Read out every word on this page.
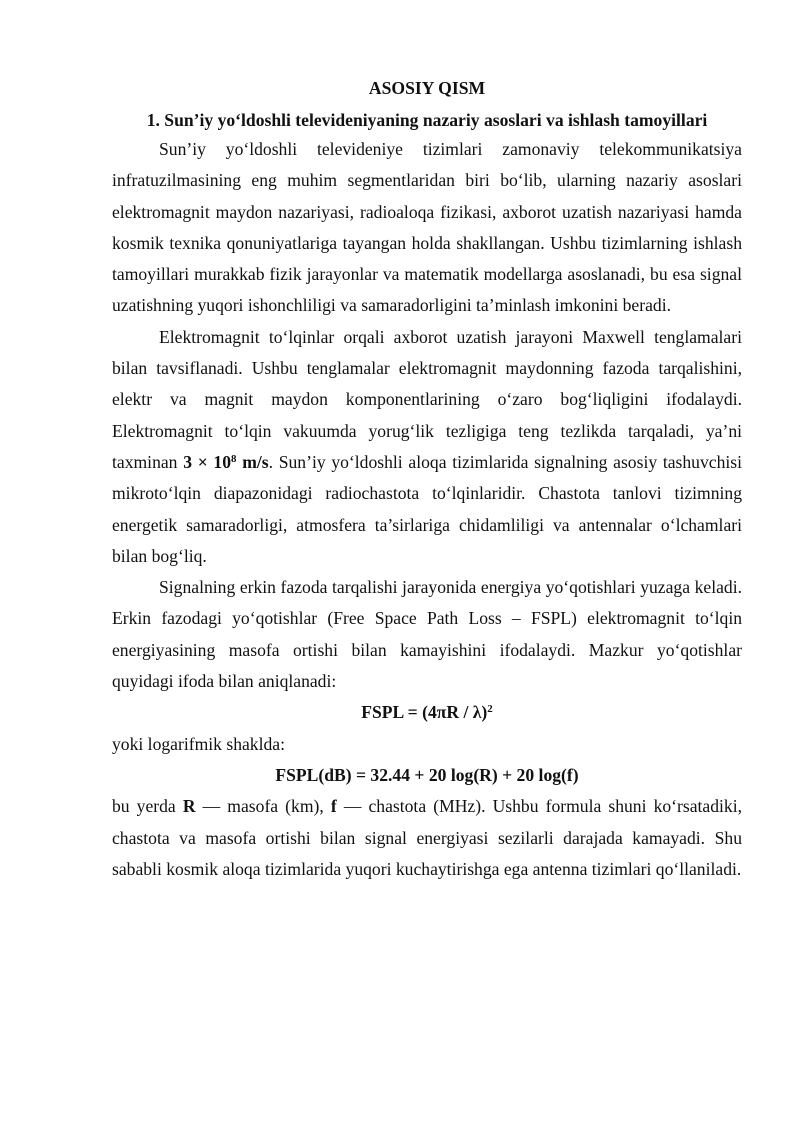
ASOSIY QISM
1. Sun’iy yo‘ldoshli televideniyaning nazariy asoslari va ishlash tamoyillari

Sun’iy yo‘ldoshli televideniye tizimlari zamonaviy telekommunikatsiya infratuzilmasining eng muhim segmentlaridan biri bo‘lib, ularning nazariy asoslari elektromagnit maydon nazariyasi, radioaloqa fizikasi, axborot uzatish nazariyasi hamda kosmik texnika qonuniyatlariga tayangan holda shakllangan. Ushbu tizimlarning ishlash tamoyillari murakkab fizik jarayonlar va matematik modellarga asoslanadi, bu esa signal uzatishning yuqori ishonchliligi va samaradorligini ta’minlash imkonini beradi.

Elektromagnit to‘lqinlar orqali axborot uzatish jarayoni Maxwell tenglamalari bilan tavsiflanadi. Ushbu tenglamalar elektromagnit maydonning fazoda tarqalishini, elektr va magnit maydon komponentlarining o‘zaro bog‘liqligini ifodalaydi. Elektromagnit to‘lqin vakuumda yorug‘lik tezligiga teng tezlikda tarqaladi, ya’ni taxminan $3 \times 10^8$ m/s. Sun’iy yo‘ldoshli aloqa tizimlarida signalning asosiy tashuvchisi mikroto‘lqin diapazonidagi radiochastota to‘lqinlaridir. Chastota tanlovi tizimning energetik samaradorligi, atmosfera ta’sirlariga chidamliligi va antennalar o‘lchamlari bilan bog‘liq.

Signalning erkin fazoda tarqalishi jarayonida energiya yo‘qotishlari yuzaga keladi. Erkin fazodagi yo‘qotishlar (Free Space Path Loss – FSPL) elektromagnit to‘lqin energiyasining masofa ortishi bilan kamayishini ifodalaydi. Mazkur yo‘qotishlar quyidagi ifoda bilan aniqlanadi:

FSPL = (4πR / λ)$^2$

yoki logarifmik shaklda:

FSPL(dB) = 32.44 + 20 log(R) + 20 log(f)

bu yerda R — masofa (km), f — chastota (MHz). Ushbu formula shuni ko‘rsatadiki, chastota va masofa ortishi bilan signal energiyasi sezilarli darajada kamayadi. Shu sababli kosmik aloqa tizimlarida yuqori kuchaytirishga ega antenna tizimlari qo‘llaniladi.
